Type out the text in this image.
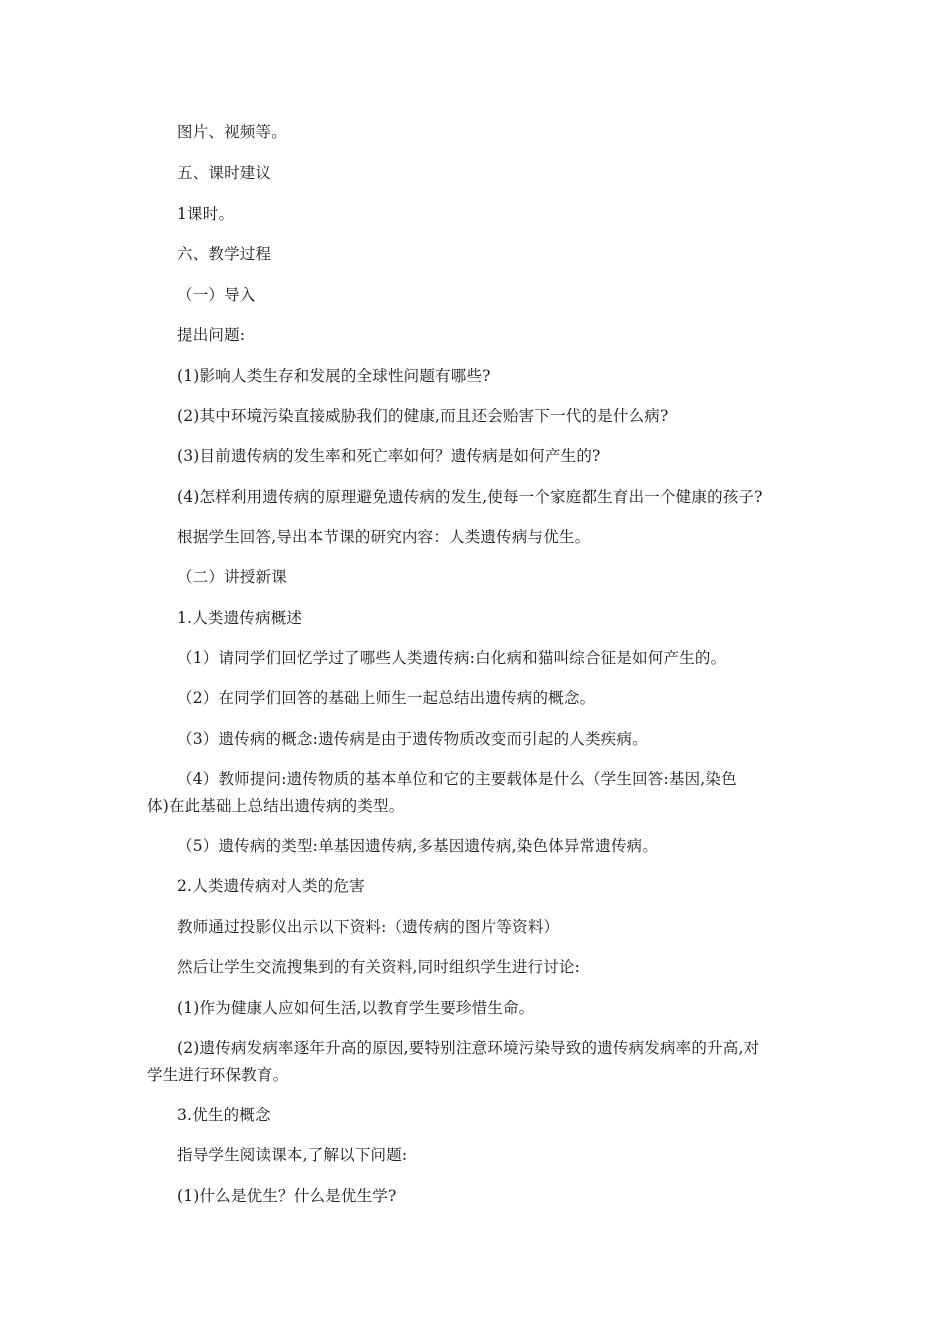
图片、视频等。
五、课时建议
1课时。
六、教学过程
（一）导入
提出问题:
(1)影响人类生存和发展的全球性问题有哪些?
(2)其中环境污染直接威胁我们的健康,而且还会贻害下一代的是什么病?
(3)目前遗传病的发生率和死亡率如何？遗传病是如何产生的?
(4)怎样利用遗传病的原理避免遗传病的发生,使每一个家庭都生育出一个健康的孩子?
根据学生回答,导出本节课的研究内容：人类遗传病与优生。
（二）讲授新课
1.人类遗传病概述
（1）请同学们回忆学过了哪些人类遗传病:白化病和猫叫综合征是如何产生的。
（2）在同学们回答的基础上师生一起总结出遗传病的概念。
（3）遗传病的概念:遗传病是由于遗传物质改变而引起的人类疾病。
（4）教师提问:遗传物质的基本单位和它的主要载体是什么（学生回答:基因,染色
体)在此基础上总结出遗传病的类型。
（5）遗传病的类型:单基因遗传病,多基因遗传病,染色体异常遗传病。
2.人类遗传病对人类的危害
教师通过投影仪出示以下资料:（遗传病的图片等资料）
然后让学生交流搜集到的有关资料,同时组织学生进行讨论:
(1)作为健康人应如何生活,以教育学生要珍惜生命。
(2)遗传病发病率逐年升高的原因,要特别注意环境污染导致的遗传病发病率的升高,对
学生进行环保教育。
3.优生的概念
指导学生阅读课本,了解以下问题:
(1)什么是优生？什么是优生学?
